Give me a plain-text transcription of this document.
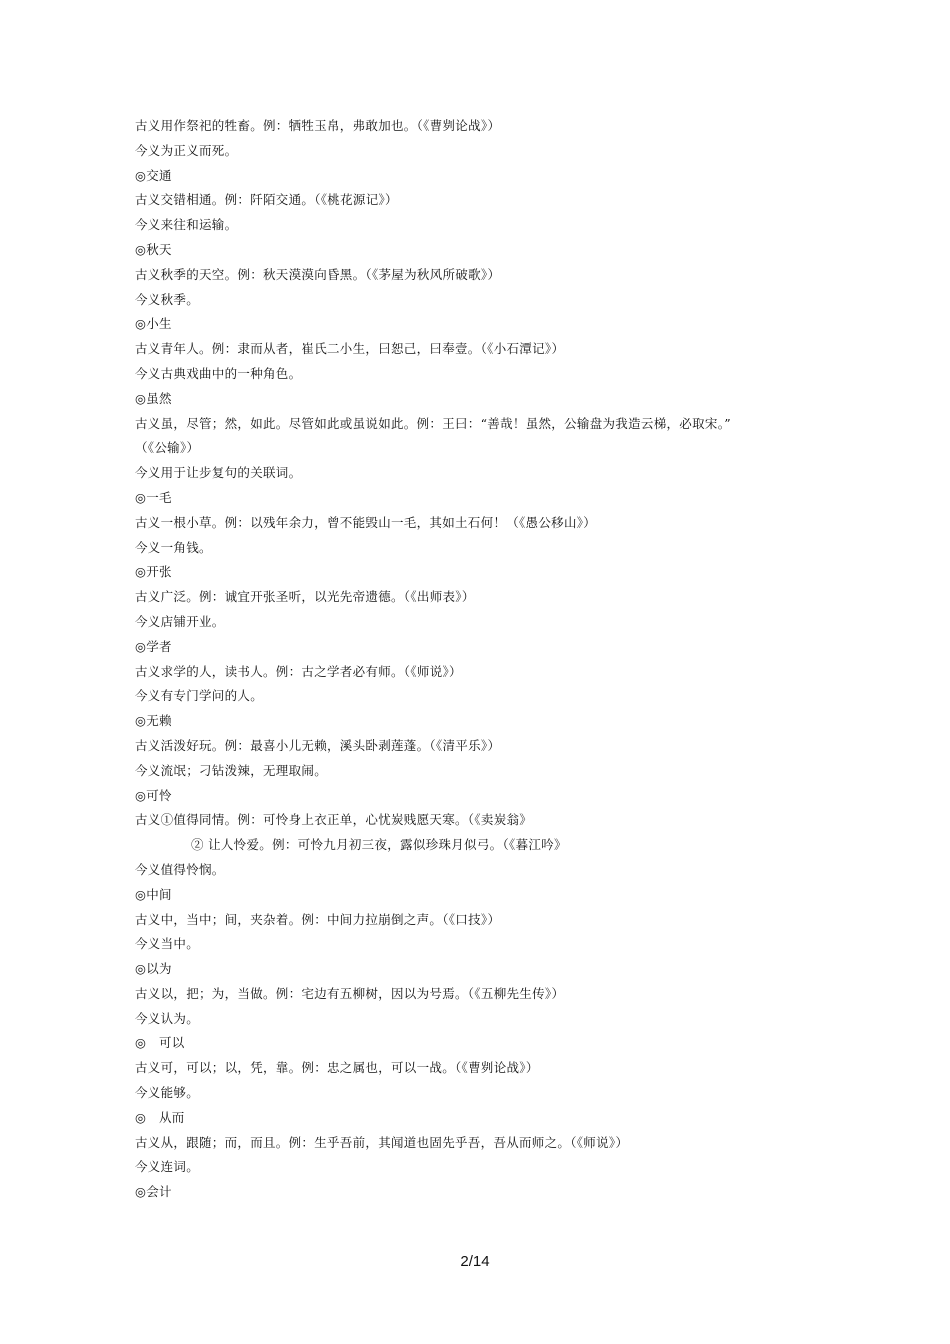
古义用作祭祀的牲畜。例：牺牲玉帛，弗敢加也。（《曹刿论战》）
今义为正义而死。
◎交通
古义交错相通。例：阡陌交通。（《桃花源记》）
今义来往和运输。
◎秋天
古义秋季的天空。例：秋天漠漠向昏黑。（《茅屋为秋风所破歌》）
今义秋季。
◎小生
古义青年人。例：隶而从者，崔氏二小生，曰恕己，曰奉壹。（《小石潭记》）
今义古典戏曲中的一种角色。
◎虽然
古义虽，尽管；然，如此。尽管如此或虽说如此。例：王曰：“善哉！虽然，公输盘为我造云梯，必取宋。”
（《公输》）
今义用于让步复句的关联词。
◎一毛
古义一根小草。例：以残年余力，曾不能毁山一毛，其如土石何！（《愚公移山》）
今义一角钱。
◎开张
古义广泛。例：诚宜开张圣听，以光先帝遗德。（《出师表》）
今义店铺开业。
◎学者
古义求学的人，读书人。例：古之学者必有师。（《师说》）
今义有专门学问的人。
◎无赖
古义活泼好玩。例：最喜小儿无赖，溪头卧剥莲蓬。（《清平乐》）
今义流氓；刁钻泼辣，无理取闹。
◎可怜
古义①值得同情。例：可怜身上衣正单，心忧炭贱愿天寒。（《卖炭翁》
② 让人怜爱。例：可怜九月初三夜，露似珍珠月似弓。（《暮江吟》
今义值得怜悯。
◎中间
古义中，当中；间，夹杂着。例：中间力拉崩倒之声。（《口技》）
今义当中。
◎以为
古义以，把；为，当做。例：宅边有五柳树，因以为号焉。（《五柳先生传》）
今义认为。
◎　可以
古义可，可以；以，凭，靠。例：忠之属也，可以一战。（《曹刿论战》）
今义能够。
◎　从而
古义从，跟随；而，而且。例：生乎吾前，其闻道也固先乎吾，吾从而师之。（《师说》）
今义连词。
◎会计
2/14
